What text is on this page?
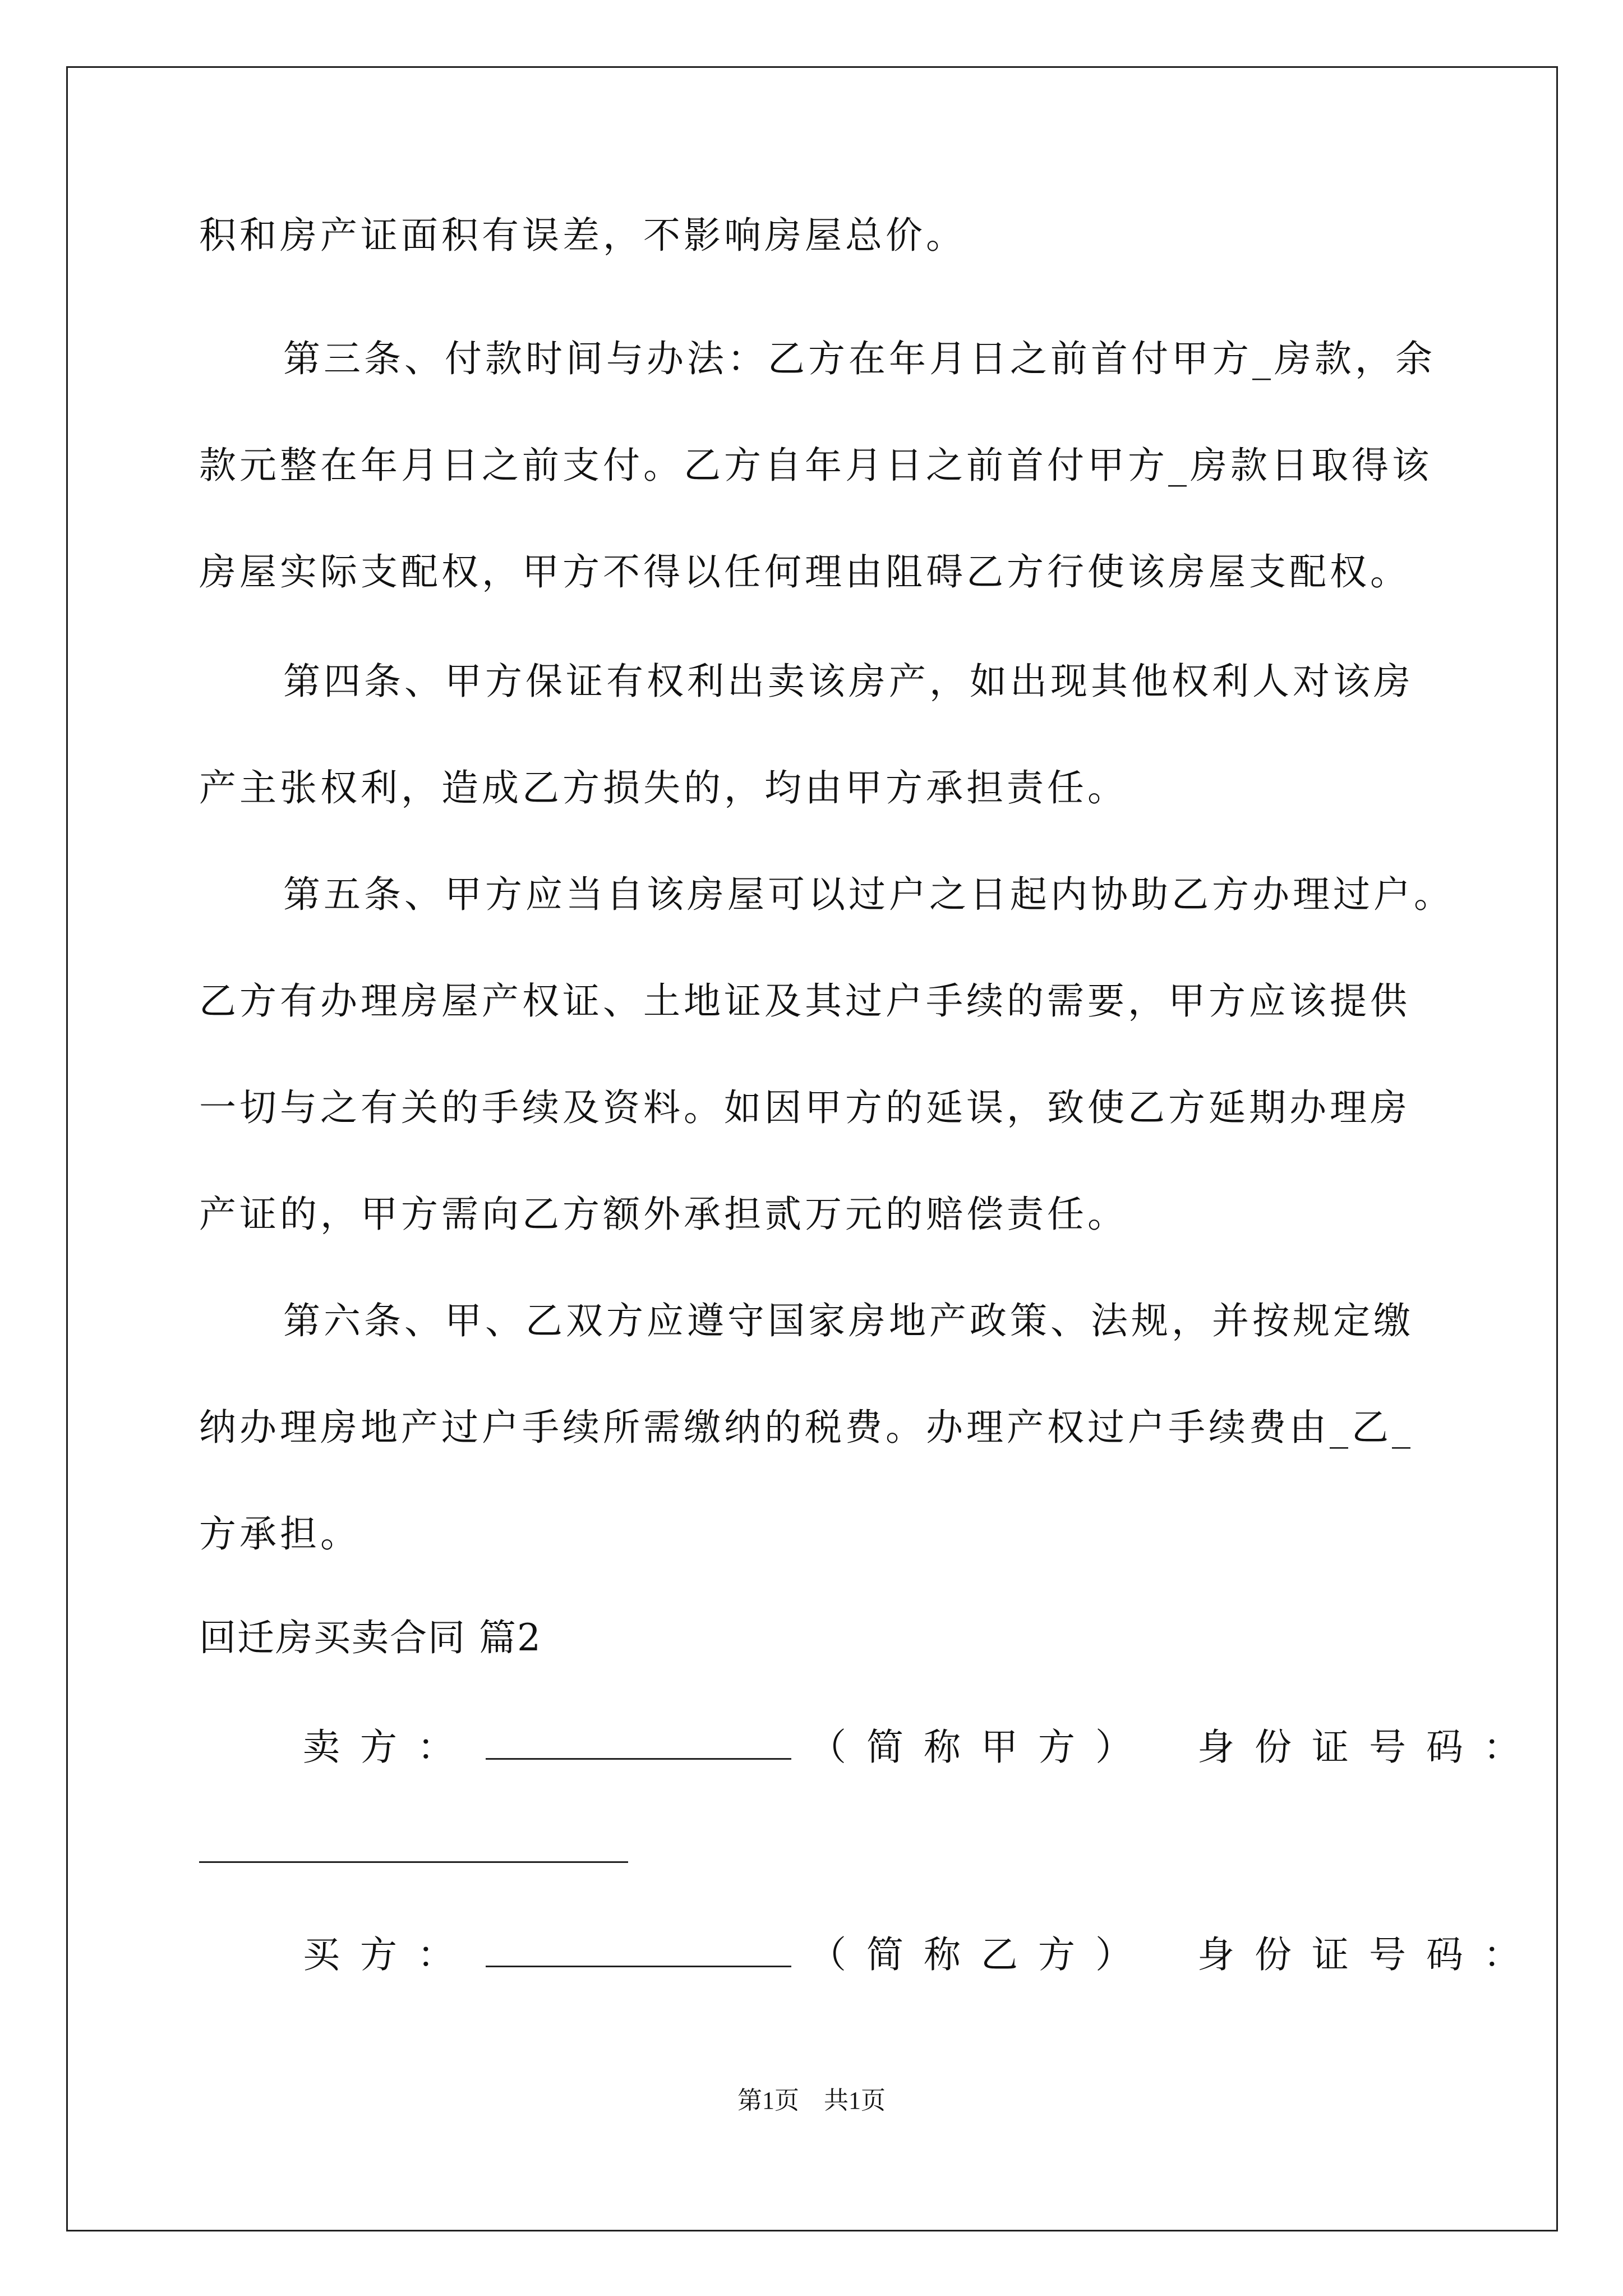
积和房产证面积有误差，不影响房屋总价。
第三条、付款时间与办法：乙方在年月日之前首付甲方_房款，余
款元整在年月日之前支付。乙方自年月日之前首付甲方_房款日取得该
房屋实际支配权，甲方不得以任何理由阻碍乙方行使该房屋支配权。
第四条、甲方保证有权利出卖该房产，如出现其他权利人对该房
产主张权利，造成乙方损失的，均由甲方承担责任。
第五条、甲方应当自该房屋可以过户之日起内协助乙方办理过户。
乙方有办理房屋产权证、土地证及其过户手续的需要，甲方应该提供
一切与之有关的手续及资料。如因甲方的延误，致使乙方延期办理房
产证的，甲方需向乙方额外承担贰万元的赔偿责任。
第六条、甲、乙双方应遵守国家房地产政策、法规，并按规定缴
纳办理房地产过户手续所需缴纳的税费。办理产权过户手续费由_乙_
方承担。
回迁房买卖合同 篇2
卖方：	（简称甲方） 身份证号码：
买方：	（简称乙方） 身份证号码：
第1页　共1页
